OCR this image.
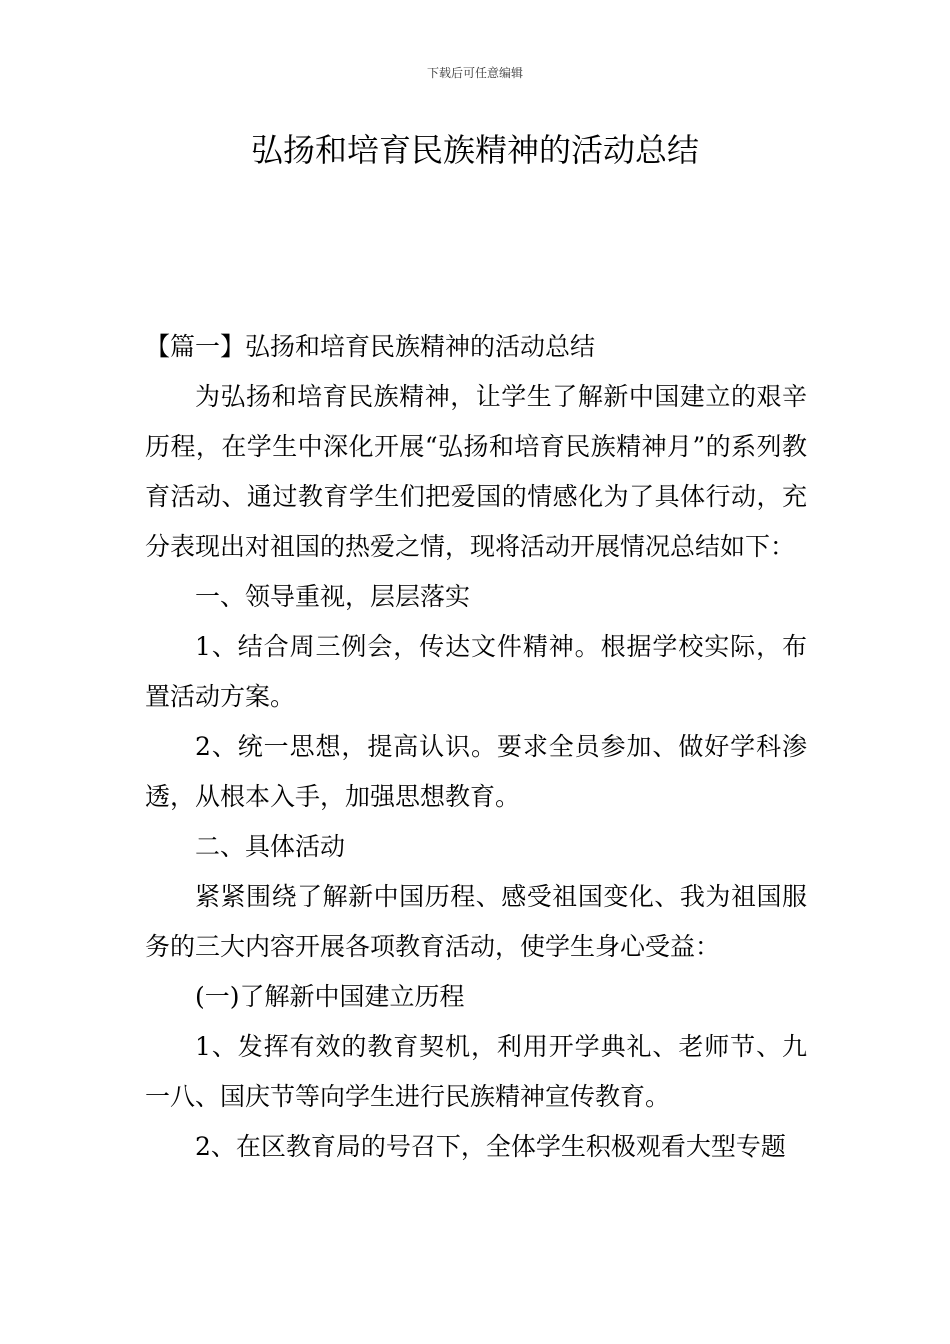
下载后可任意编辑
弘扬和培育民族精神的活动总结

【篇一】弘扬和培育民族精神的活动总结

为弘扬和培育民族精神，让学生了解新中国建立的艰辛历程，在学生中深化开展“弘扬和培育民族精神月”的系列教育活动、通过教育学生们把爱国的情感化为了具体行动，充分表现出对祖国的热爱之情，现将活动开展情况总结如下：

一、领导重视，层层落实

1、结合周三例会，传达文件精神。根据学校实际，布置活动方案。

2、统一思想，提高认识。要求全员参加、做好学科渗透，从根本入手，加强思想教育。

二、具体活动

紧紧围绕了解新中国历程、感受祖国变化、我为祖国服务的三大内容开展各项教育活动，使学生身心受益：

(一)了解新中国建立历程

1、发挥有效的教育契机，利用开学典礼、老师节、九一八、国庆节等向学生进行民族精神宣传教育。

2、在区教育局的号召下，全体学生积极观看大型专题
